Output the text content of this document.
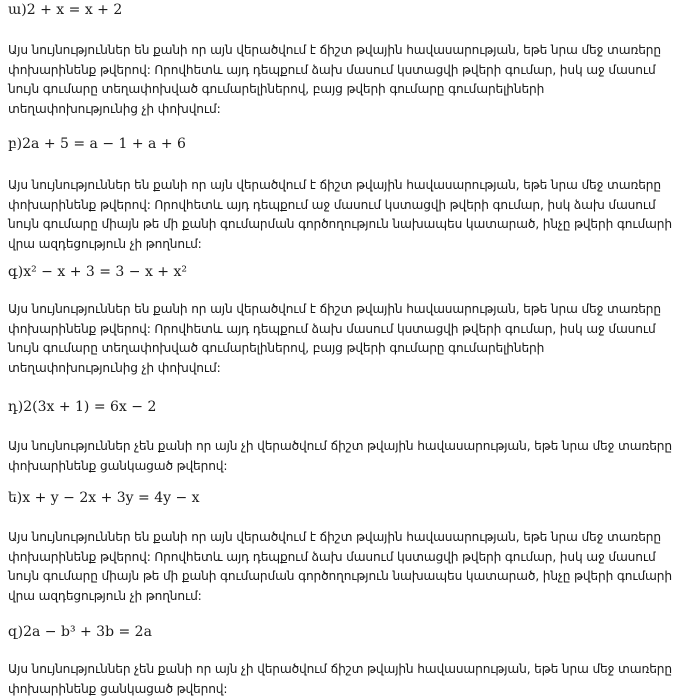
ա) 2 + x = x + 2

Այս նույնություններ են քանի որ այն վերածվում է ճիշտ թվային հավասարության, եթե նրա մեջ տառերը փոխարինենք թվերով: Որովհետև այդ դեպքում ձախ մասում կստացվի թվերի գումար, իսկ աջ մասում նույն գումարը տեղափոխված գումարելիներով, բայց թվերի գումարը գումարելիների տեղափոխությունից չի փոխվում:

բ) 2a + 5 = a − 1 + a + 6

Այս նույնություններ են քանի որ այն վերածվում է ճիշտ թվային հավասարության, եթե նրա մեջ տառերը փոխարինենք թվերով: Որովհետև այդ դեպքում աջ մասում կստացվի թվերի գումար, իսկ ձախ մասում նույն գումարը միայն թե մի քանի գումարման գործողություն նախապես կատարած, ինչը թվերի գումարի վրա ազդեցություն չի թողնում:

գ) x² − x + 3 = 3 − x + x²

Այս նույնություններ են քանի որ այն վերածվում է ճիշտ թվային հավասարության, եթե նրա մեջ տառերը փոխարինենք թվերով: Որովհետև այդ դեպքում ձախ մասում կստացվի թվերի գումար, իսկ աջ մասում նույն գումարը տեղափոխված գումարելիներով, բայց թվերի գումարը գումարելիների տեղափոխությունից չի փոխվում:

դ) 2(3x + 1) = 6x − 2

Այս նույնություններ չեն քանի որ այն չի վերածվում ճիշտ թվային հավասարության, եթե նրա մեջ տառերը փոխարինենք ցանկացած թվերով:

ե) x + y − 2x + 3y = 4y − x

Այս նույնություններ են քանի որ այն վերածվում է ճիշտ թվային հավասարության, եթե նրա մեջ տառերը փոխարինենք թվերով: Որովհետև այդ դեպքում ձախ մասում կստացվի թվերի գումար, իսկ աջ մասում նույն գումարը միայն թե մի քանի գումարման գործողություն նախապես կատարած, ինչը թվերի գումարի վրա ազդեցություն չի թողնում:

զ) 2a − b³ + 3b = 2a

Այս նույնություններ չեն քանի որ այն չի վերածվում ճիշտ թվային հավասարության, եթե նրա մեջ տառերը փոխարինենք ցանկացած թվերով:
